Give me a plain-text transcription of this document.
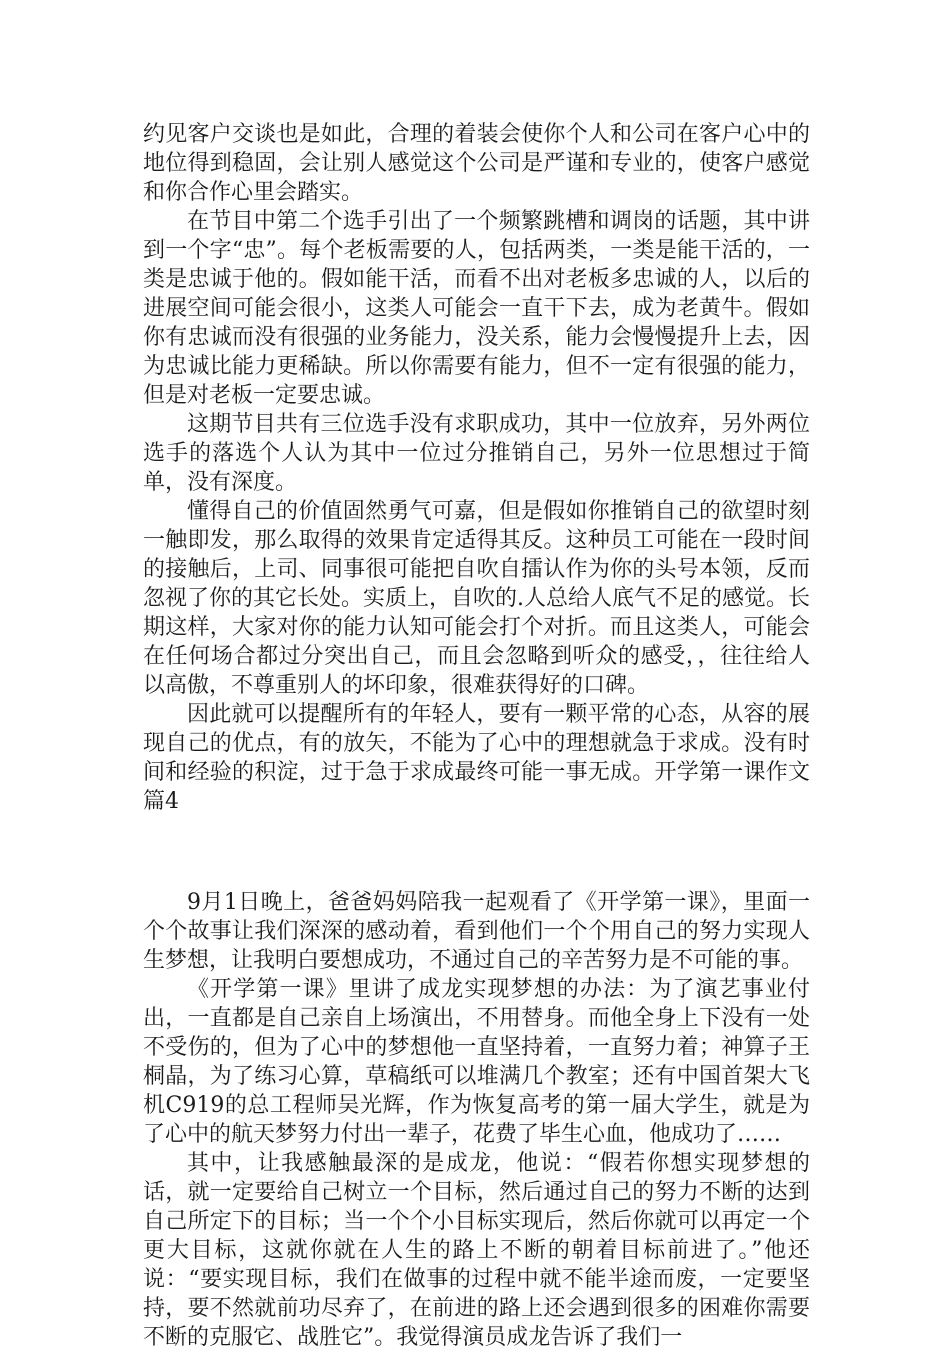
约见客户交谈也是如此，合理的着装会使你个人和公司在客户心中的地位得到稳固，会让别人感觉这个公司是严谨和专业的，使客户感觉和你合作心里会踏实。

在节目中第二个选手引出了一个频繁跳槽和调岗的话题，其中讲到一个字“忠”。每个老板需要的人，包括两类，一类是能干活的，一类是忠诚于他的。假如能干活，而看不出对老板多忠诚的人，以后的进展空间可能会很小，这类人可能会一直干下去，成为老黄牛。假如你有忠诚而没有很强的业务能力，没关系，能力会慢慢提升上去，因为忠诚比能力更稀缺。所以你需要有能力，但不一定有很强的能力，但是对老板一定要忠诚。

这期节目共有三位选手没有求职成功，其中一位放弃，另外两位选手的落选个人认为其中一位过分推销自己，另外一位思想过于简单，没有深度。

懂得自己的价值固然勇气可嘉，但是假如你推销自己的欲望时刻一触即发，那么取得的效果肯定适得其反。这种员工可能在一段时间的接触后，上司、同事很可能把自吹自擂认作为你的头号本领，反而忽视了你的其它长处。实质上，自吹的.人总给人底气不足的感觉。长期这样，大家对你的能力认知可能会打个对折。而且这类人，可能会在任何场合都过分突出自己，而且会忽略到听众的感受，，往往给人以高傲，不尊重别人的坏印象，很难获得好的口碑。

因此就可以提醒所有的年轻人，要有一颗平常的心态，从容的展现自己的优点，有的放矢，不能为了心中的理想就急于求成。没有时间和经验的积淀，过于急于求成最终可能一事无成。开学第一课作文 篇4

9月1日晚上，爸爸妈妈陪我一起观看了《开学第一课》，里面一个个故事让我们深深的感动着，看到他们一个个用自己的努力实现人生梦想，让我明白要想成功，不通过自己的辛苦努力是不可能的事。

《开学第一课》里讲了成龙实现梦想的办法：为了演艺事业付出，一直都是自己亲自上场演出，不用替身。而他全身上下没有一处不受伤的，但为了心中的梦想他一直坚持着，一直努力着；神算子王桐晶，为了练习心算，草稿纸可以堆满几个教室；还有中国首架大飞机C919的总工程师吴光辉，作为恢复高考的第一届大学生，就是为了心中的航天梦努力付出一辈子，花费了毕生心血，他成功了……

其中，让我感触最深的是成龙，他说：“假若你想实现梦想的话，就一定要给自己树立一个目标，然后通过自己的努力不断的达到自己所定下的目标；当一个个小目标实现后，然后你就可以再定一个更大目标，这就你就在人生的路上不断的朝着目标前进了。”他还说：“要实现目标，我们在做事的过程中就不能半途而废，一定要坚持，要不然就前功尽弃了，在前进的路上还会遇到很多的困难你需要不断的克服它、战胜它”。我觉得演员成龙告诉了我们一
